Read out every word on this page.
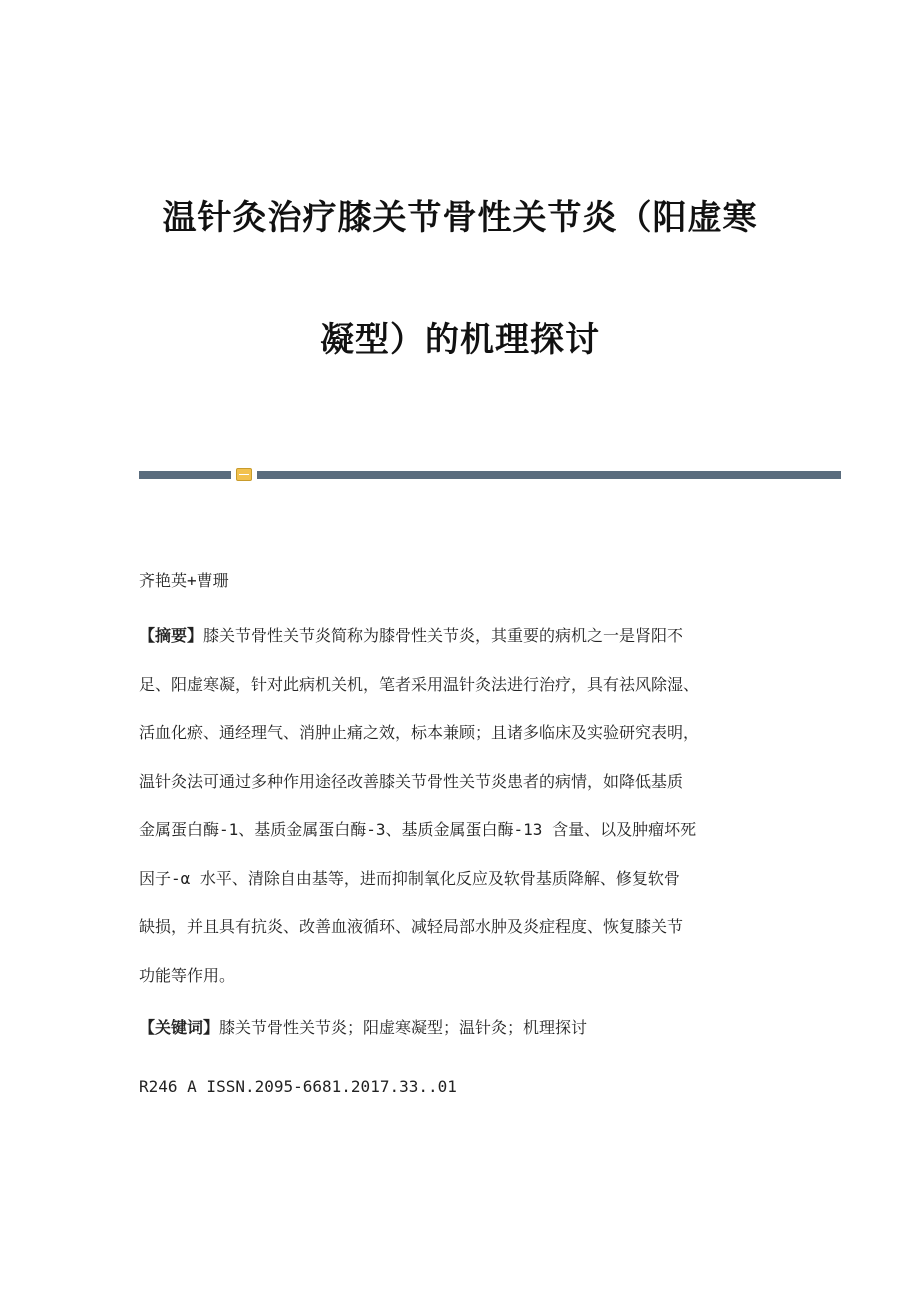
温针灸治疗膝关节骨性关节炎（阳虚寒
凝型）的机理探讨
齐艳英+曹珊
【摘要】膝关节骨性关节炎简称为膝骨性关节炎，其重要的病机之一是肾阳不
足、阳虚寒凝，针对此病机关机，笔者采用温针灸法进行治疗，具有祛风除湿、
活血化瘀、通经理气、消肿止痛之效，标本兼顾；且诸多临床及实验研究表明，
温针灸法可通过多种作用途径改善膝关节骨性关节炎患者的病情，如降低基质
金属蛋白酶-1、基质金属蛋白酶-3、基质金属蛋白酶-13 含量、以及肿瘤坏死
因子-α 水平、清除自由基等，进而抑制氧化反应及软骨基质降解、修复软骨
缺损，并且具有抗炎、改善血液循环、减轻局部水肿及炎症程度、恢复膝关节
功能等作用。
【关键词】膝关节骨性关节炎；阳虚寒凝型；温针灸；机理探讨
R246 A ISSN.2095-6681.2017.33..01
